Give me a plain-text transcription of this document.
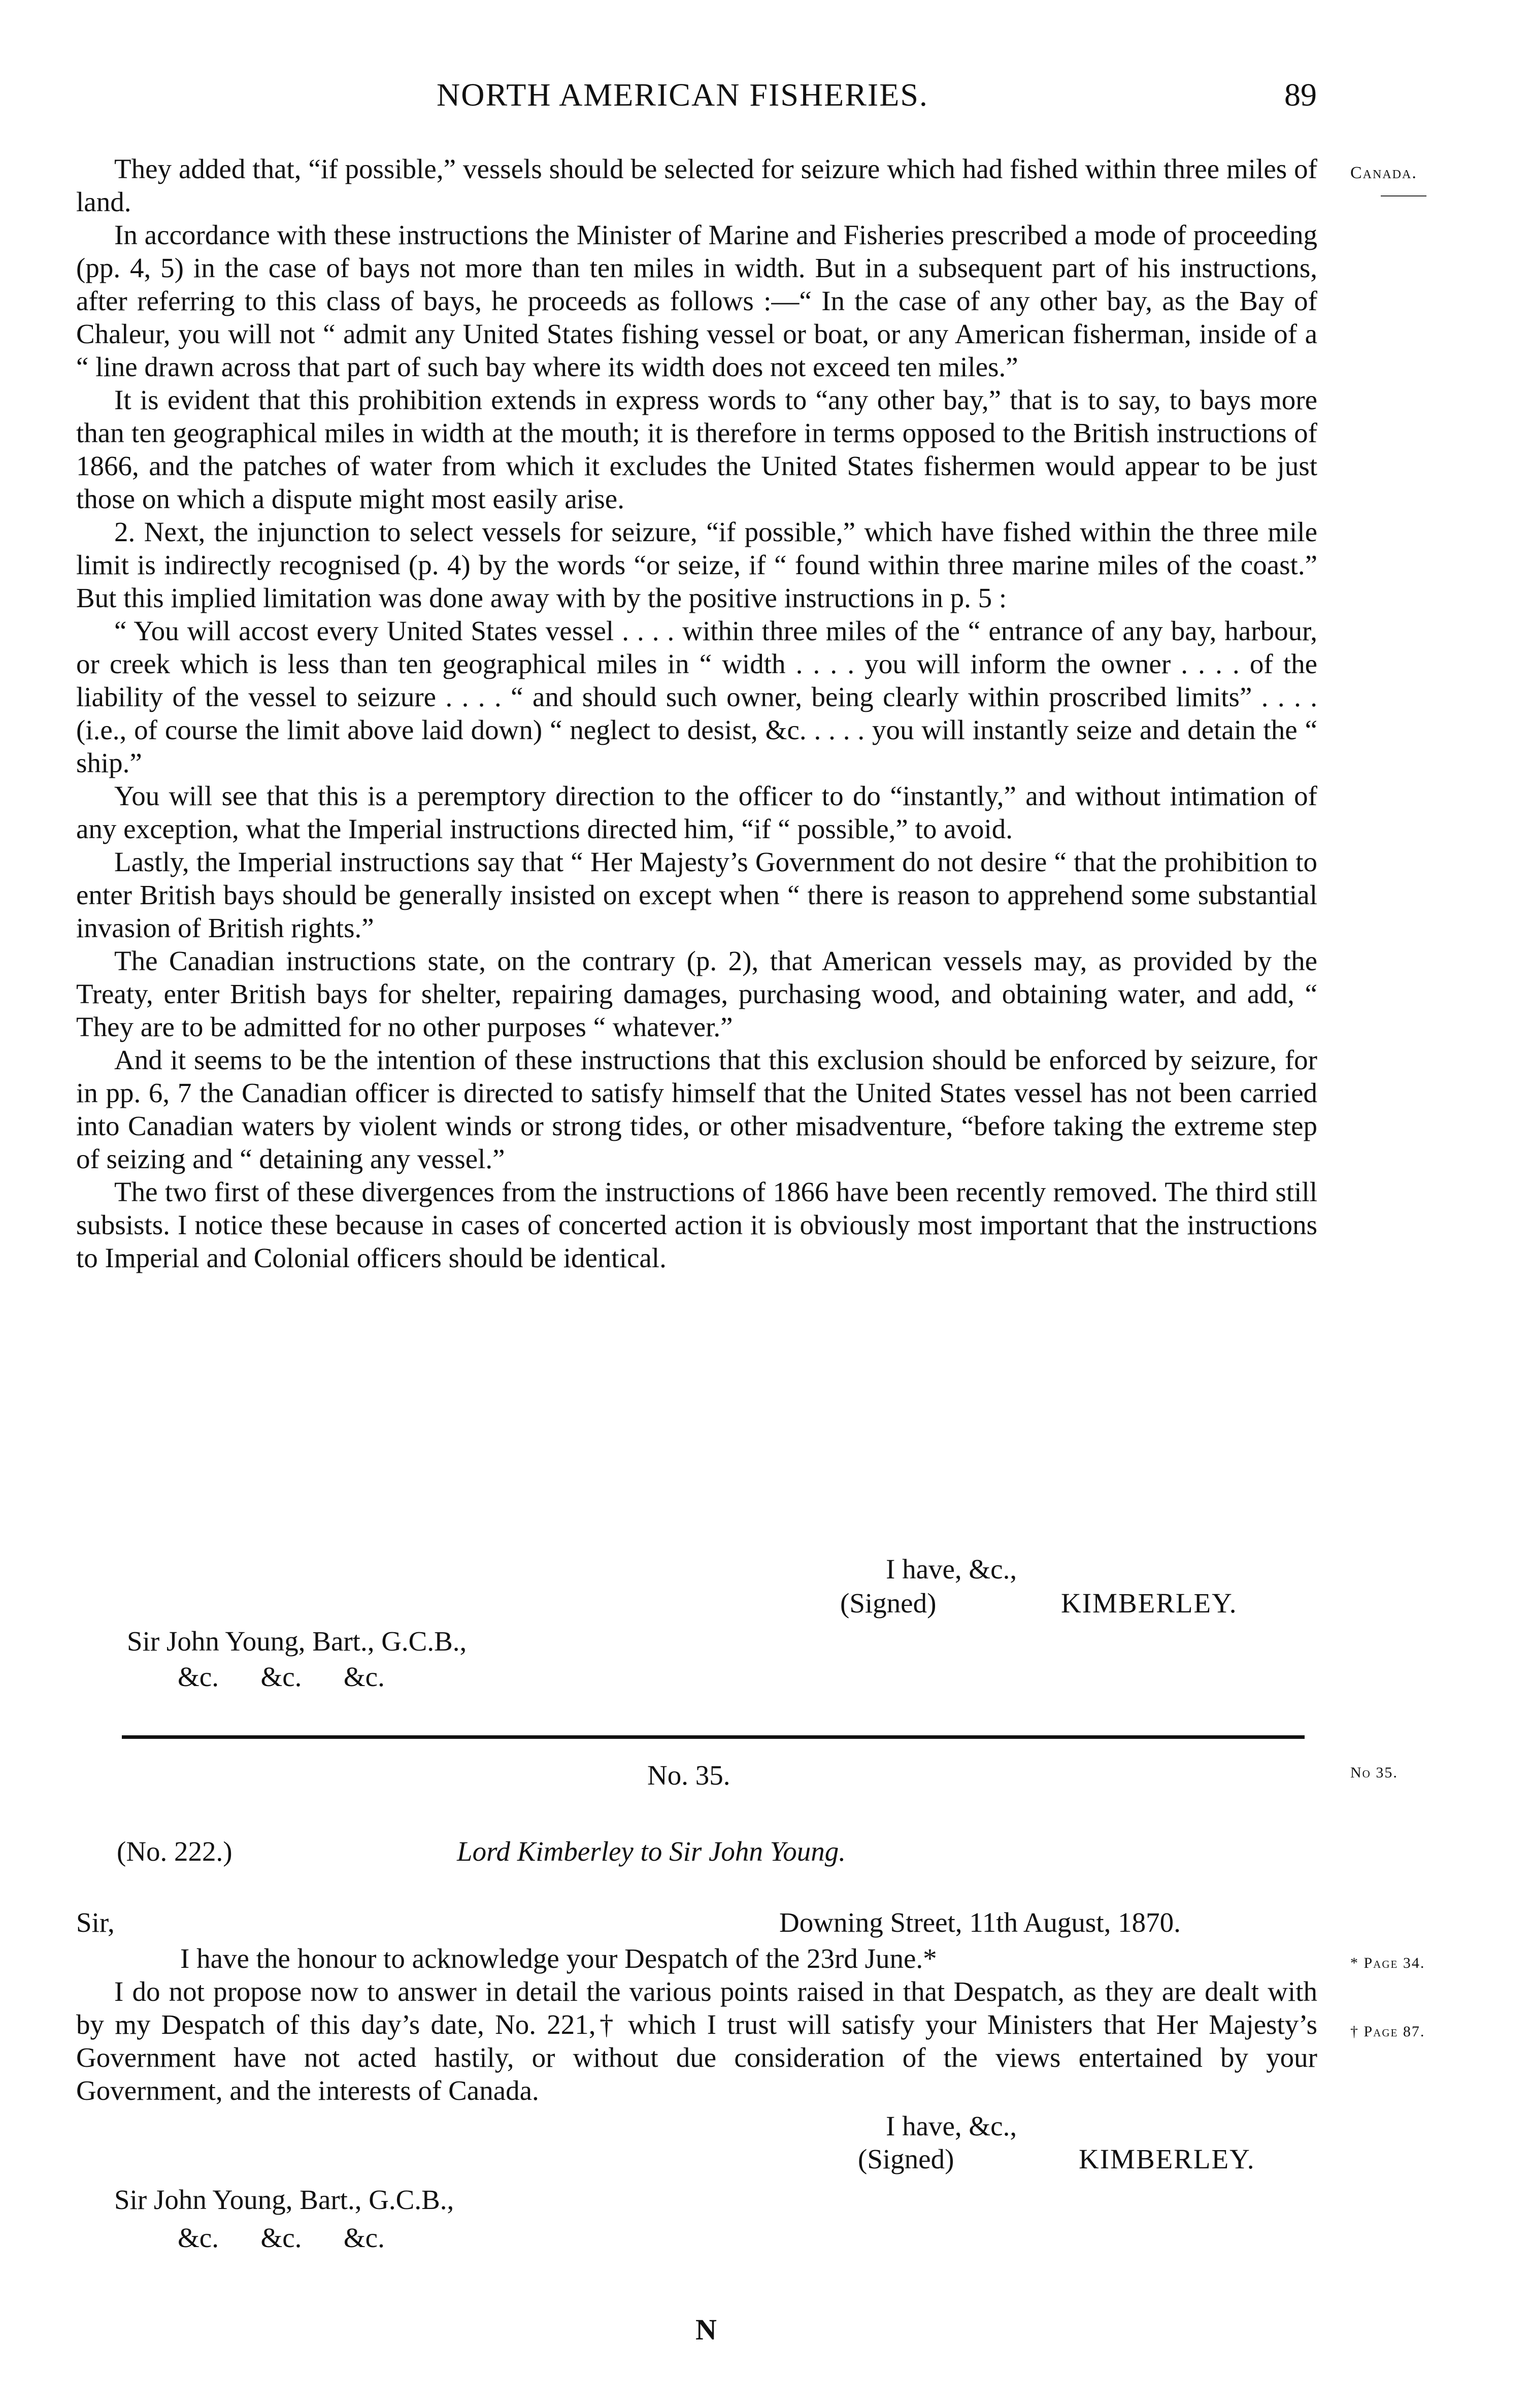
NORTH AMERICAN FISHERIES.	89
Canada.

They added that, “if possible,” vessels should be selected for seizure which had fished within three miles of land.

In accordance with these instructions the Minister of Marine and Fisheries prescribed a mode of proceeding (pp. 4, 5) in the case of bays not more than ten miles in width. But in a subsequent part of his instructions, after referring to this class of bays, he proceeds as follows :—“ In the case of any other bay, as the Bay of Chaleur, you will not “ admit any United States fishing vessel or boat, or any American fisherman, inside of a “ line drawn across that part of such bay where its width does not exceed ten miles.”

It is evident that this prohibition extends in express words to “any other bay,” that is to say, to bays more than ten geographical miles in width at the mouth; it is therefore in terms opposed to the British instructions of 1866, and the patches of water from which it excludes the United States fishermen would appear to be just those on which a dispute might most easily arise.

2. Next, the injunction to select vessels for seizure, “if possible,” which have fished within the three mile limit is indirectly recognised (p. 4) by the words “or seize, if “ found within three marine miles of the coast.” But this implied limitation was done away with by the positive instructions in p. 5 :

“ You will accost every United States vessel . . . . within three miles of the “ entrance of any bay, harbour, or creek which is less than ten geographical miles in “ width . . . . you will inform the owner . . . . of the liability of the vessel to seizure . . . . “ and should such owner, being clearly within proscribed limits” . . . . (i.e., of course the limit above laid down) “ neglect to desist, &c. . . . . you will instantly seize and detain the “ ship.”

You will see that this is a peremptory direction to the officer to do “instantly,” and without intimation of any exception, what the Imperial instructions directed him, “if “ possible,” to avoid.

Lastly, the Imperial instructions say that “ Her Majesty’s Government do not desire “ that the prohibition to enter British bays should be generally insisted on except when “ there is reason to apprehend some substantial invasion of British rights.”

The Canadian instructions state, on the contrary (p. 2), that American vessels may, as provided by the Treaty, enter British bays for shelter, repairing damages, purchasing wood, and obtaining water, and add, “ They are to be admitted for no other purposes “ whatever.”

And it seems to be the intention of these instructions that this exclusion should be enforced by seizure, for in pp. 6, 7 the Canadian officer is directed to satisfy himself that the United States vessel has not been carried into Canadian waters by violent winds or strong tides, or other misadventure, “before taking the extreme step of seizing and “ detaining any vessel.”

The two first of these divergences from the instructions of 1866 have been recently removed. The third still subsists. I notice these because in cases of concerted action it is obviously most important that the instructions to Imperial and Colonial officers should be identical.

I have, &c.,
(Signed)	KIMBERLEY.
Sir John Young, Bart., G.C.B.,
&c.      &c.      &c.
No. 35.	No 35.
(No. 222.)	Lord Kimberley to Sir John Young.
Sir,	Downing Street, 11th August, 1870.
* Page 34.
† Page 87.

I have the honour to acknowledge your Despatch of the 23rd June.*

I do not propose now to answer in detail the various points raised in that Despatch, as they are dealt with by my Despatch of this day’s date, No. 221,† which I trust will satisfy your Ministers that Her Majesty’s Government have not acted hastily, or without due consideration of the views entertained by your Government, and the interests of Canada.

I have, &c.,
(Signed)	KIMBERLEY.
Sir John Young, Bart., G.C.B.,
&c.      &c.      &c.
N
